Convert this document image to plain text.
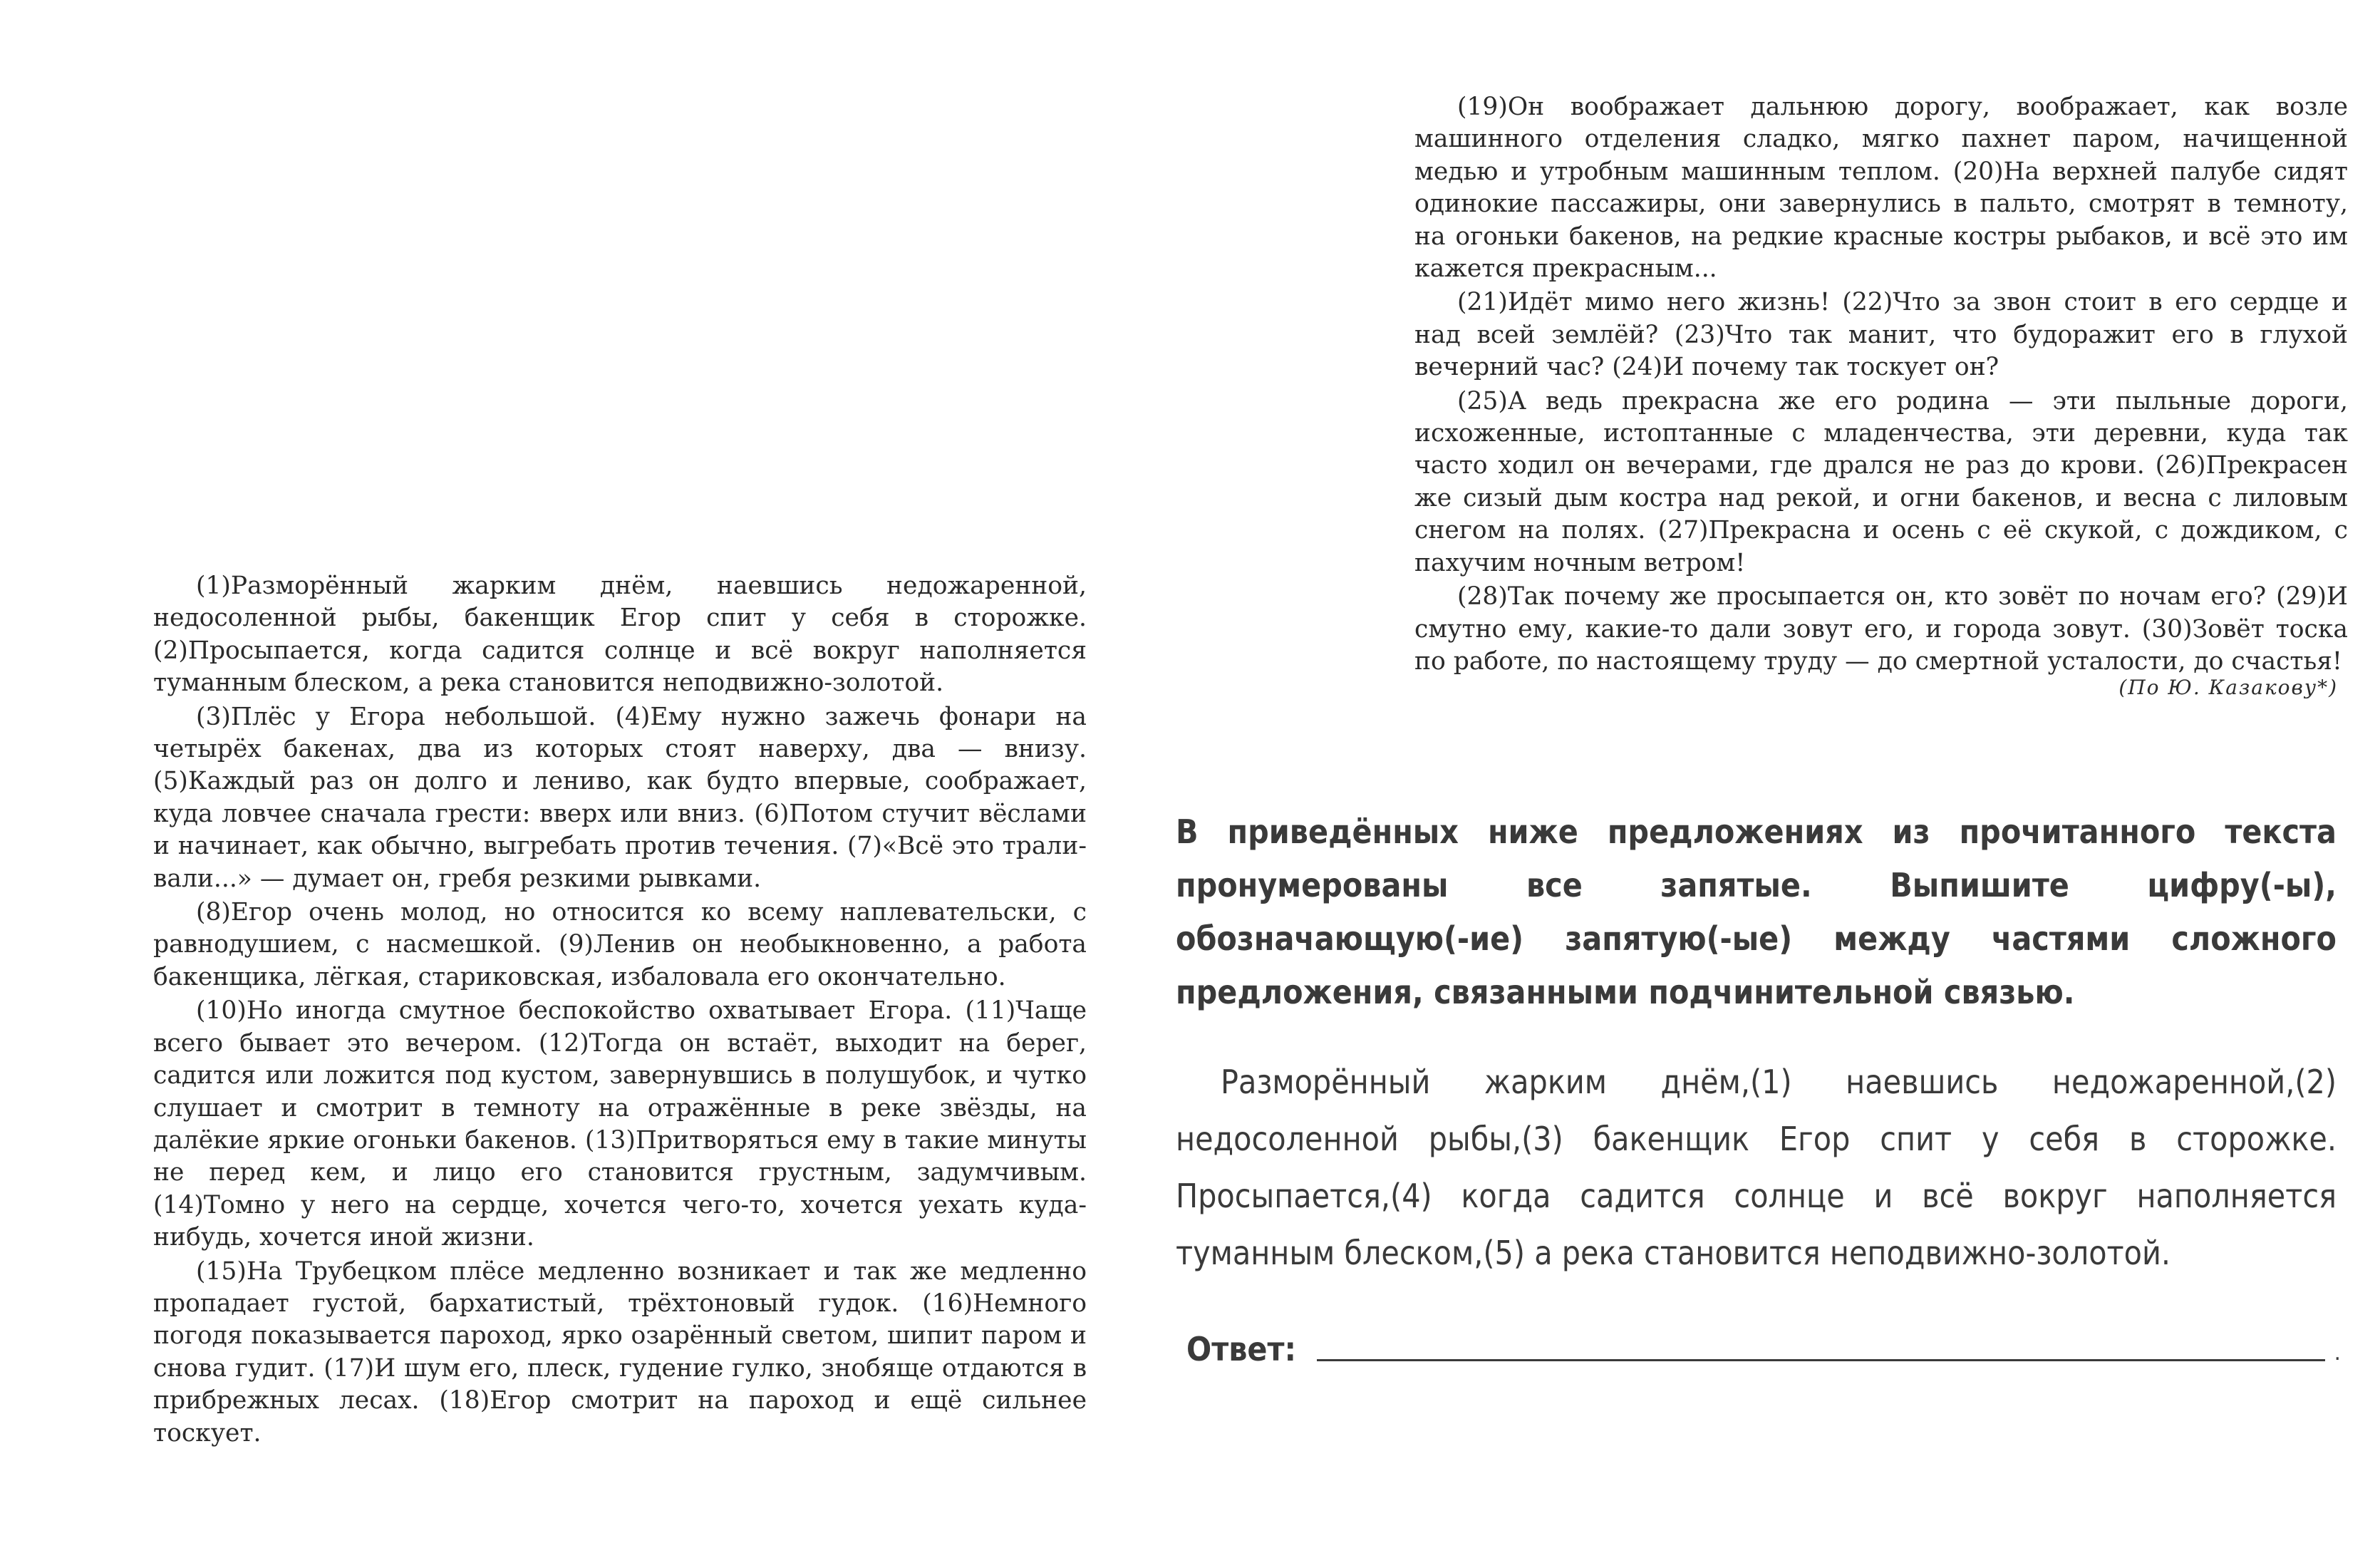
(1)Разморённый жарким днём, наевшись недожаренной, недосоленной рыбы, бакенщик Егор спит у себя в сторожке. (2)Просыпается, когда садится солнце и всё вокруг наполняется туманным блеском, а река становится неподвижно-золотой.

(3)Плёс у Егора небольшой. (4)Ему нужно зажечь фонари на четырёх бакенах, два из которых стоят наверху, два — внизу. (5)Каждый раз он долго и лениво, как будто впервые, соображает, куда ловчее сначала грести: вверх или вниз. (6)Потом стучит вёслами и начинает, как обычно, выгребать против течения. (7)«Всё это трали-вали...» — думает он, гребя резкими рывками.

(8)Егор очень молод, но относится ко всему наплевательски, с равнодушием, с насмешкой. (9)Ленив он необыкновенно, а работа бакенщика, лёгкая, стариковская, избаловала его окончательно.

(10)Но иногда смутное беспокойство охватывает Егора. (11)Чаще всего бывает это вечером. (12)Тогда он встаёт, выходит на берег, садится или ложится под кустом, завернувшись в полушубок, и чутко слушает и смотрит в темноту на отражённые в реке звёзды, на далёкие яркие огоньки бакенов. (13)Притворяться ему в такие минуты не перед кем, и лицо его становится грустным, задумчивым. (14)Томно у него на сердце, хочется чего-то, хочется уехать куда-нибудь, хочется иной жизни.

(15)На Трубецком плёсе медленно возникает и так же медленно пропадает густой, бархатистый, трёхтоновый гудок. (16)Немного погодя показывается пароход, ярко озарённый светом, шипит паром и снова гудит. (17)И шум его, плеск, гудение гулко, знобяще отдаются в прибрежных лесах. (18)Егор смотрит на пароход и ещё сильнее тоскует.

(19)Он воображает дальнюю дорогу, воображает, как возле машинного отделения сладко, мягко пахнет паром, начищенной медью и утробным машинным теплом. (20)На верхней палубе сидят одинокие пассажиры, они завернулись в пальто, смотрят в темноту, на огоньки бакенов, на редкие красные костры рыбаков, и всё это им кажется прекрасным...

(21)Идёт мимо него жизнь! (22)Что за звон стоит в его сердце и над всей землёй? (23)Что так манит, что будоражит его в глухой вечерний час? (24)И почему так тоскует он?

(25)А ведь прекрасна же его родина — эти пыльные дороги, исхоженные, истоптанные с младенчества, эти деревни, куда так часто ходил он вечерами, где дрался не раз до крови. (26)Прекрасен же сизый дым костра над рекой, и огни бакенов, и весна с лиловым снегом на полях. (27)Прекрасна и осень с её скукой, с дождиком, с пахучим ночным ветром!

(28)Так почему же просыпается он, кто зовёт по ночам его? (29)И смутно ему, какие-то дали зовут его, и города зовут. (30)Зовёт тоска по работе, по настоящему труду — до смертной усталости, до счастья!

(По Ю. Казакову*)
В приведённых ниже предложениях из прочитанного текста пронумерованы все запятые. Выпишите цифру(-ы), обозначающую(-ие) запятую(-ые) между частями сложного предложения, связанными подчинительной связью.
Разморённый жарким днём,(1) наевшись недожаренной,(2) недосоленной рыбы,(3) бакенщик Егор спит у себя в сторожке. Просыпается,(4) когда садится солнце и всё вокруг наполняется туманным блеском,(5) а река становится неподвижно-золотой.
Ответ:	.
